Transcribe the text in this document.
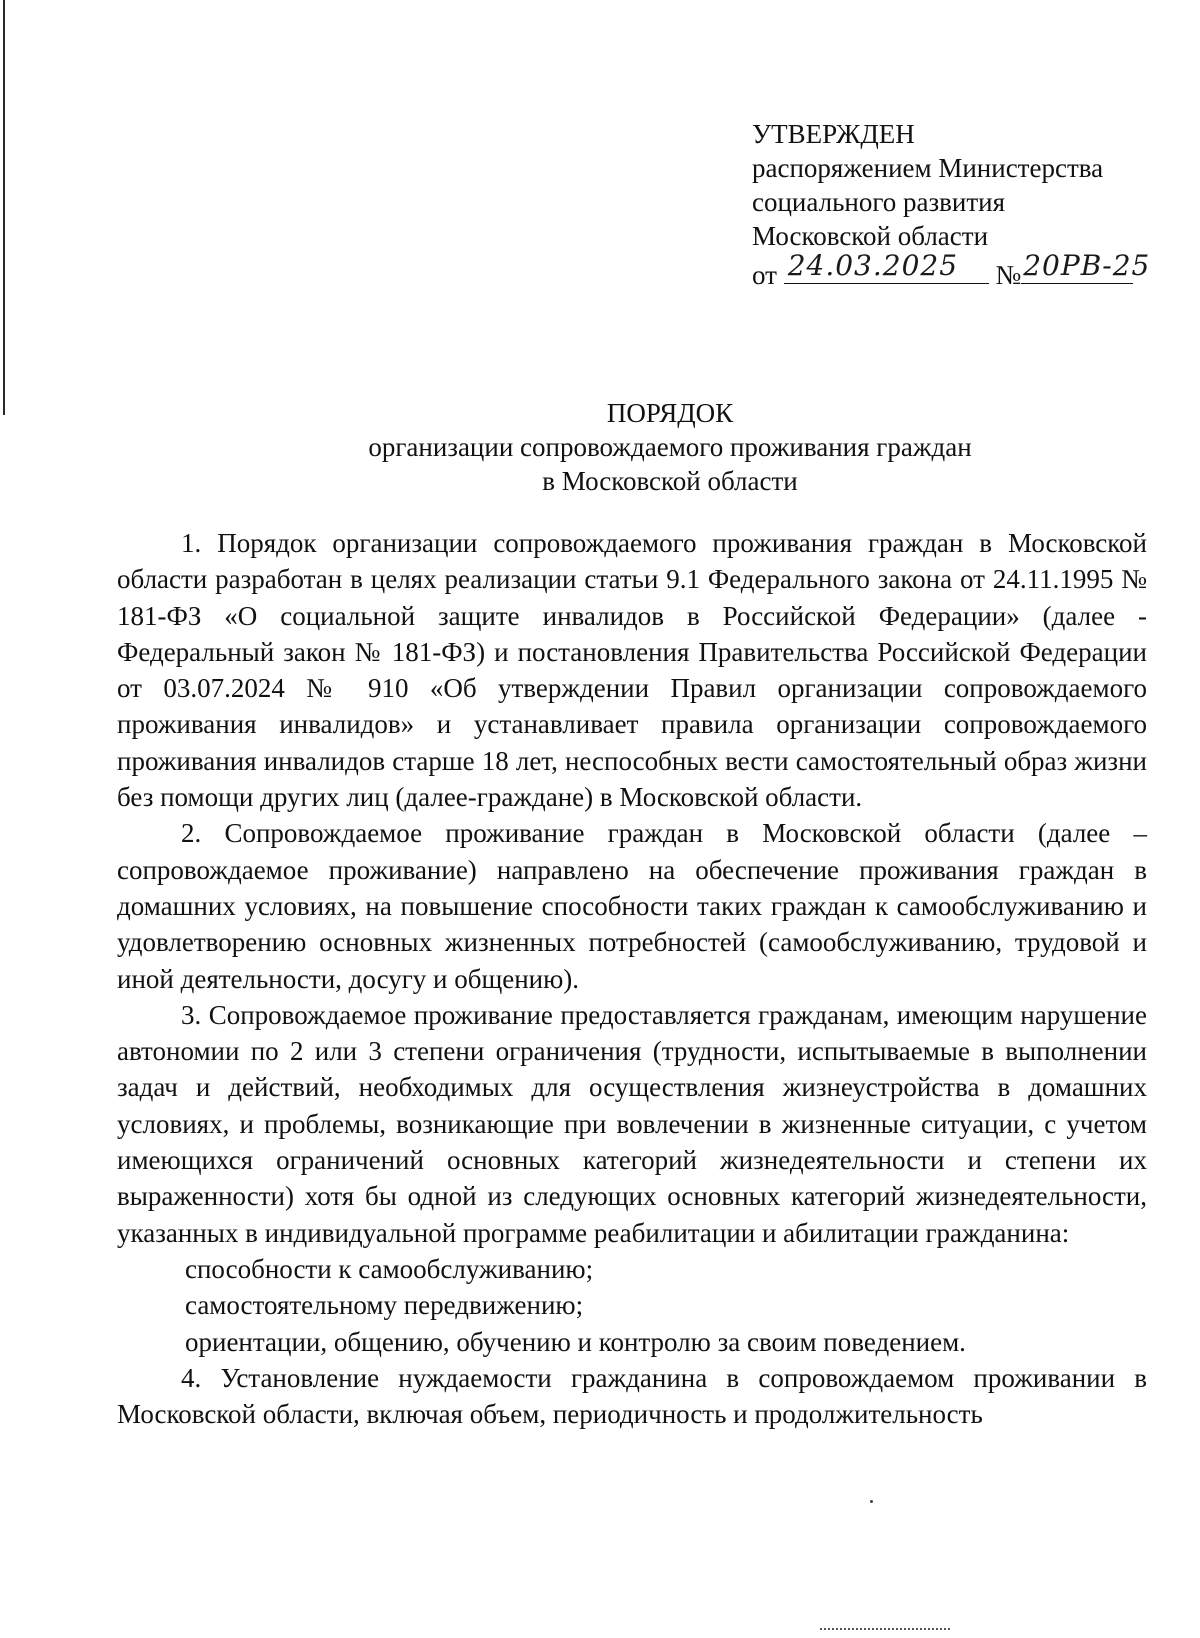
УТВЕРЖДЕН
распоряжением Министерства
социального развития
Московской области
от 24.03.2025 № 20РВ-25
ПОРЯДОК
организации сопровождаемого проживания граждан
в Московской области

1. Порядок организации сопровождаемого проживания граждан в Московской области разработан в целях реализации статьи 9.1 Федерального закона от 24.11.1995 № 181-ФЗ «О социальной защите инвалидов в Российской Федерации» (далее - Федеральный закон № 181-ФЗ) и постановления Правительства Российской Федерации от 03.07.2024 № 910 «Об утверждении Правил организации сопровождаемого проживания инвалидов» и устанавливает правила организации сопровождаемого проживания инвалидов старше 18 лет, неспособных вести самостоятельный образ жизни без помощи других лиц (далее-граждане) в Московской области.

2. Сопровождаемое проживание граждан в Московской области (далее – сопровождаемое проживание) направлено на обеспечение проживания граждан в домашних условиях, на повышение способности таких граждан к самообслуживанию и удовлетворению основных жизненных потребностей (самообслуживанию, трудовой и иной деятельности, досугу и общению).

3. Сопровождаемое проживание предоставляется гражданам, имеющим нарушение автономии по 2 или 3 степени ограничения (трудности, испытываемые в выполнении задач и действий, необходимых для осуществления жизнеустройства в домашних условиях, и проблемы, возникающие при вовлечении в жизненные ситуации, с учетом имеющихся ограничений основных категорий жизнедеятельности и степени их выраженности) хотя бы одной из следующих основных категорий жизнедеятельности, указанных в индивидуальной программе реабилитации и абилитации гражданина:

способности к самообслуживанию;

самостоятельному передвижению;

ориентации, общению, обучению и контролю за своим поведением.

4. Установление нуждаемости гражданина в сопровождаемом проживании в Московской области, включая объем, периодичность и продолжительность
